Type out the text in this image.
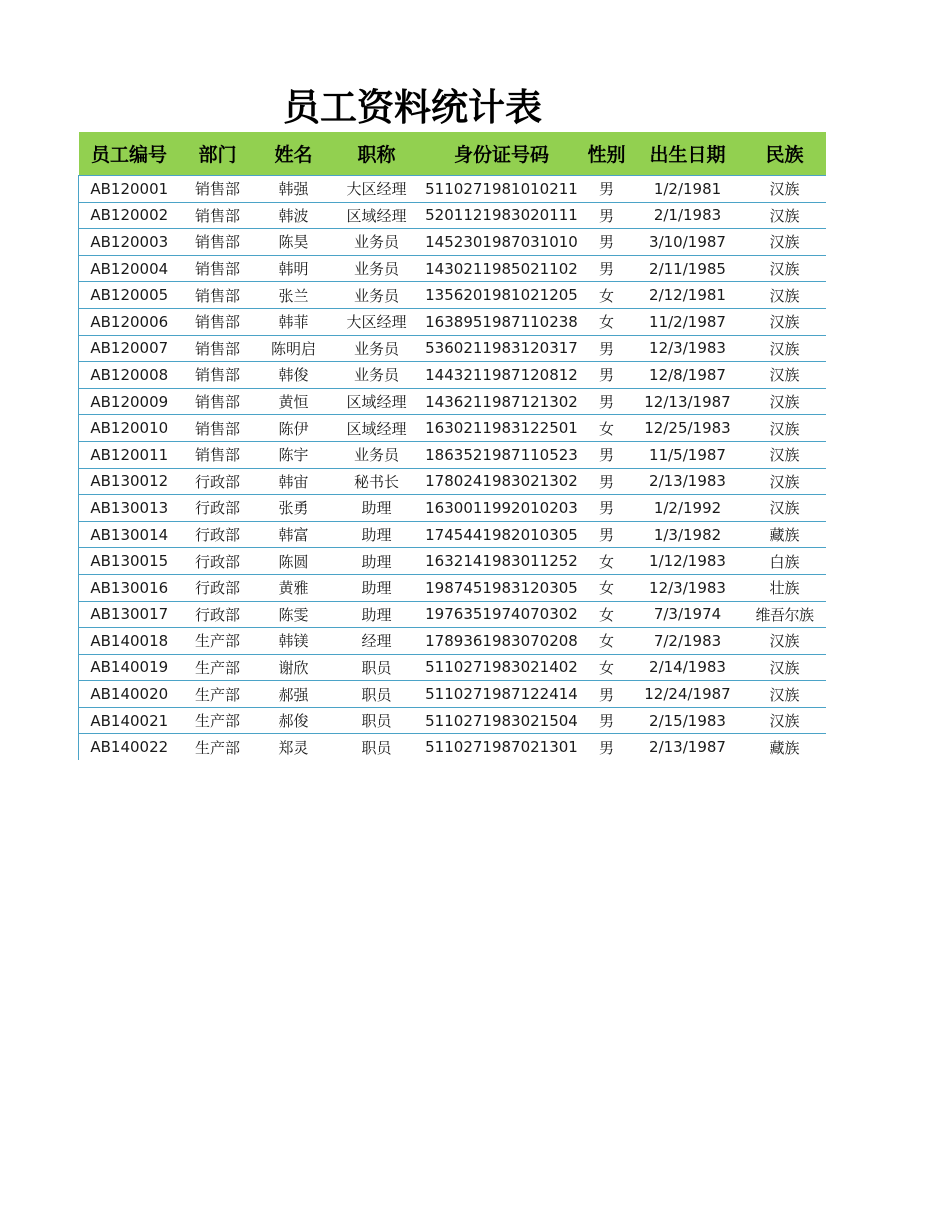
员工资料统计表
员工编号	部门	姓名	职称	身份证号码	性别	出生日期	民族
AB120001	销售部	韩强	大区经理	5110271981010211	男	1/2/1981	汉族
AB120002	销售部	韩波	区域经理	5201121983020111	男	2/1/1983	汉族
AB120003	销售部	陈昊	业务员	1452301987031010	男	3/10/1987	汉族
AB120004	销售部	韩明	业务员	1430211985021102	男	2/11/1985	汉族
AB120005	销售部	张兰	业务员	1356201981021205	女	2/12/1981	汉族
AB120006	销售部	韩菲	大区经理	1638951987110238	女	11/2/1987	汉族
AB120007	销售部	陈明启	业务员	5360211983120317	男	12/3/1983	汉族
AB120008	销售部	韩俊	业务员	1443211987120812	男	12/8/1987	汉族
AB120009	销售部	黄恒	区域经理	1436211987121302	男	12/13/1987	汉族
AB120010	销售部	陈伊	区域经理	1630211983122501	女	12/25/1983	汉族
AB120011	销售部	陈宇	业务员	1863521987110523	男	11/5/1987	汉族
AB130012	行政部	韩宙	秘书长	1780241983021302	男	2/13/1983	汉族
AB130013	行政部	张勇	助理	1630011992010203	男	1/2/1992	汉族
AB130014	行政部	韩富	助理	1745441982010305	男	1/3/1982	藏族
AB130015	行政部	陈圆	助理	1632141983011252	女	1/12/1983	白族
AB130016	行政部	黄雅	助理	1987451983120305	女	12/3/1983	壮族
AB130017	行政部	陈雯	助理	1976351974070302	女	7/3/1974	维吾尔族
AB140018	生产部	韩镁	经理	1789361983070208	女	7/2/1983	汉族
AB140019	生产部	谢欣	职员	5110271983021402	女	2/14/1983	汉族
AB140020	生产部	郝强	职员	5110271987122414	男	12/24/1987	汉族
AB140021	生产部	郝俊	职员	5110271983021504	男	2/15/1983	汉族
AB140022	生产部	郑灵	职员	5110271987021301	男	2/13/1987	藏族
